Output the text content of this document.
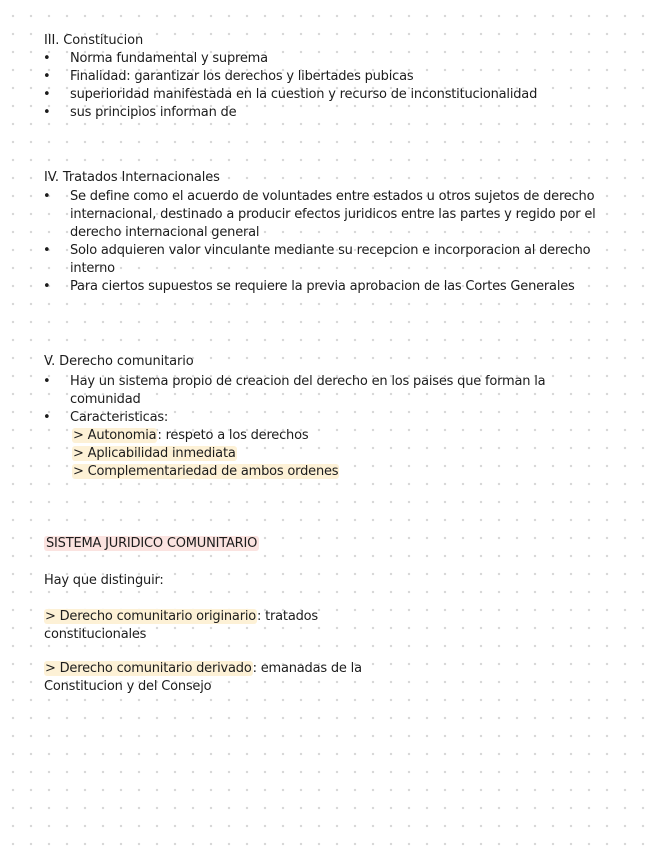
III. Constitucion
• Norma fundamental y suprema
• Finalidad: garantizar los derechos y libertades pubicas
• superioridad manifestada en la cuestion y recurso de inconstitucionalidad
• sus principios informan de
IV. Tratados Internacionales
• Se define como el acuerdo de voluntades entre estados u otros sujetos de derecho internacional, destinado a producir efectos juridicos entre las partes y regido por el derecho internacional general
• Solo adquieren valor vinculante mediante su recepcion e incorporacion al derecho interno
• Para ciertos supuestos se requiere la previa aprobacion de las Cortes Generales
V. Derecho comunitario
• Hay un sistema propio de creacion del derecho en los paises que forman la comunidad
• Caracteristicas:
> Autonomia: respeto a los derechos
> Aplicabilidad inmediata
> Complementariedad de ambos ordenes
SISTEMA JURIDICO COMUNITARIO
Hay que distinguir:
> Derecho comunitario originario: tratados constitucionales
> Derecho comunitario derivado: emanadas de la Constitucion y del Consejo
